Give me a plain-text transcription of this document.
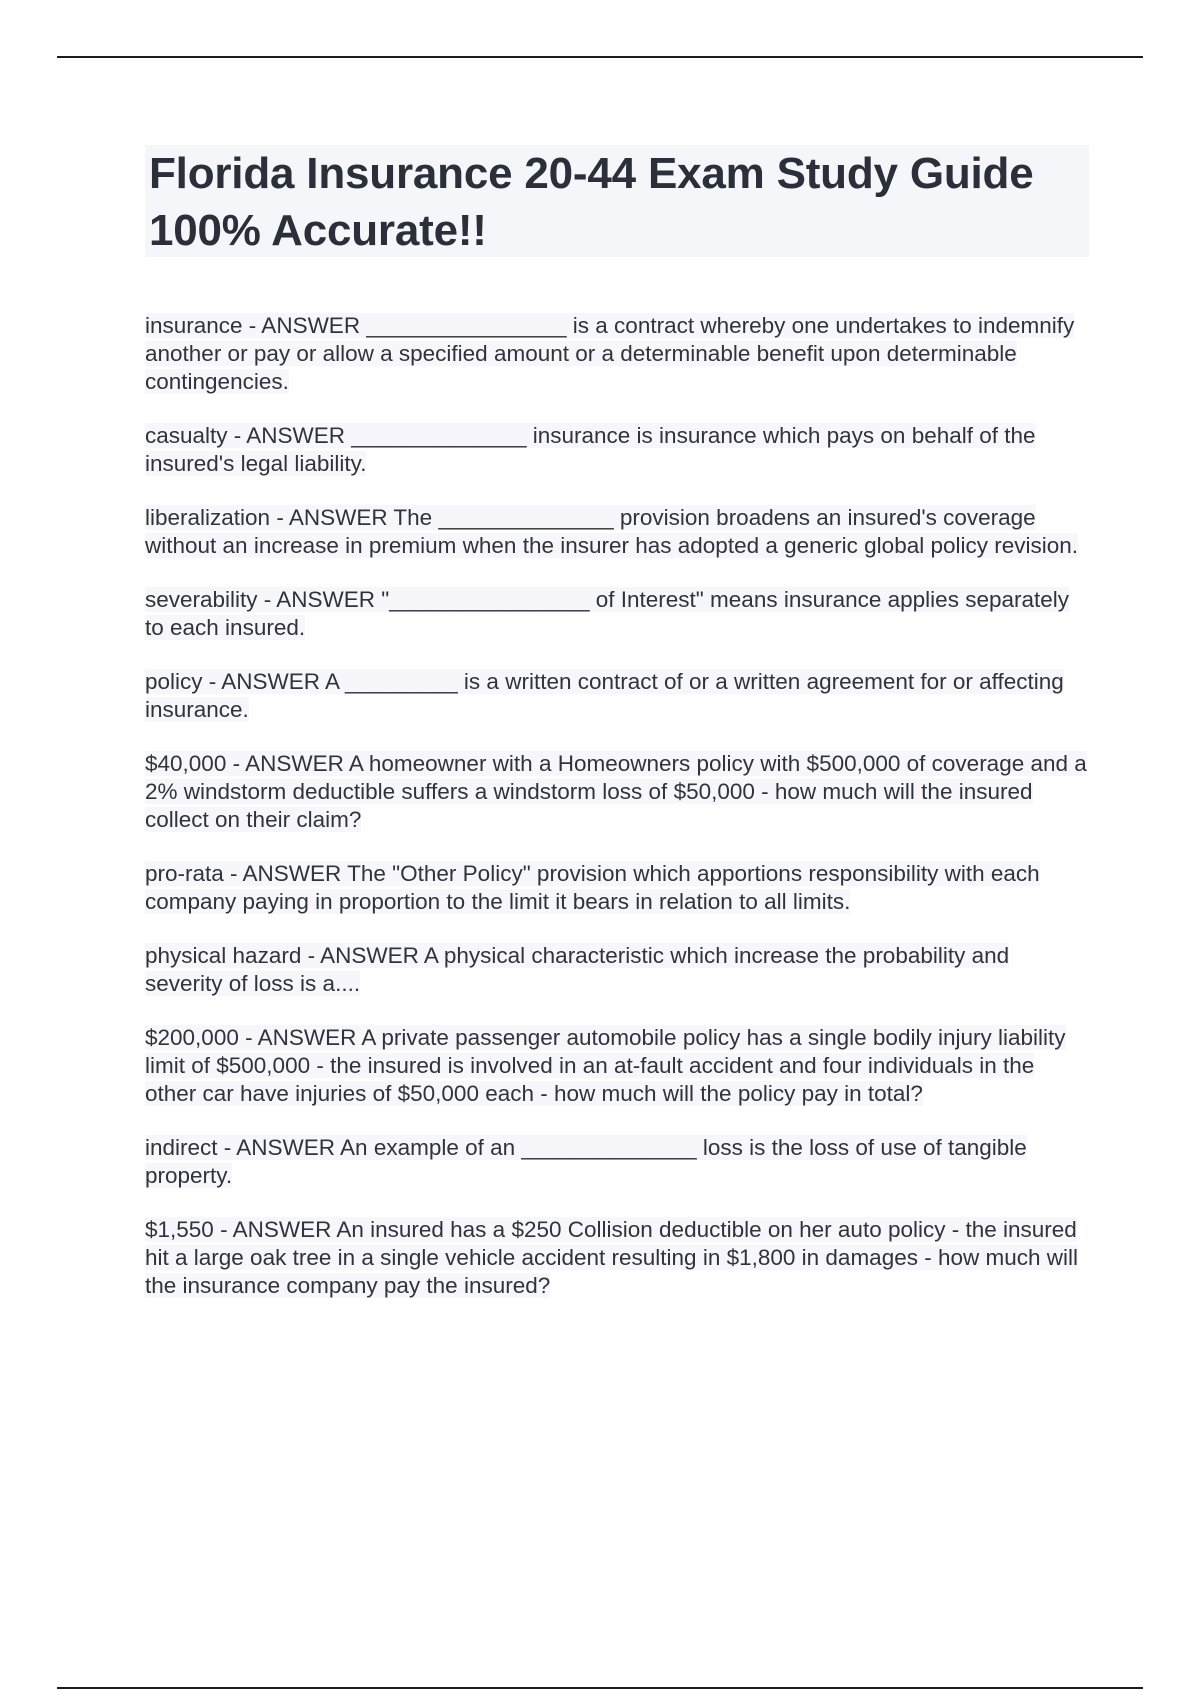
Florida Insurance 20-44 Exam Study Guide 100% Accurate!!
insurance - ANSWER ________________ is a contract whereby one undertakes to indemnify another or pay or allow a specified amount or a determinable benefit upon determinable contingencies.
casualty - ANSWER ______________ insurance is insurance which pays on behalf of the insured's legal liability.
liberalization - ANSWER The ______________ provision broadens an insured's coverage without an increase in premium when the insurer has adopted a generic global policy revision.
severability - ANSWER "________________ of Interest" means insurance applies separately to each insured.
policy - ANSWER A _________ is a written contract of or a written agreement for or affecting insurance.
$40,000 - ANSWER A homeowner with a Homeowners policy with $500,000 of coverage and a 2% windstorm deductible suffers a windstorm loss of $50,000 - how much will the insured collect on their claim?
pro-rata - ANSWER The "Other Policy" provision which apportions responsibility with each company paying in proportion to the limit it bears in relation to all limits.
physical hazard - ANSWER A physical characteristic which increase the probability and severity of loss is a....
$200,000 - ANSWER A private passenger automobile policy has a single bodily injury liability limit of $500,000 - the insured is involved in an at-fault accident and four individuals in the other car have injuries of $50,000 each - how much will the policy pay in total?
indirect - ANSWER An example of an ______________ loss is the loss of use of tangible property.
$1,550 - ANSWER An insured has a $250 Collision deductible on her auto policy - the insured hit a large oak tree in a single vehicle accident resulting in $1,800 in damages - how much will the insurance company pay the insured?
